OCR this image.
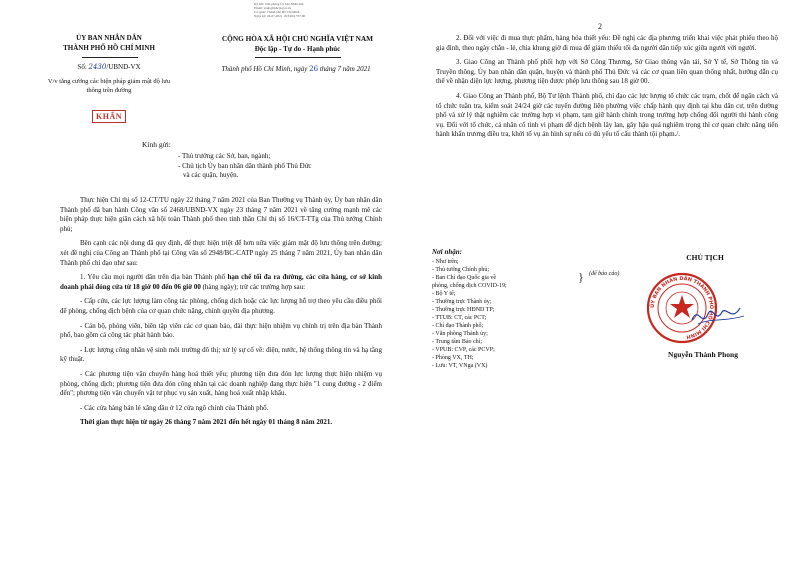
Ký bởi: Văn phòng Ủy ban Nhân dân
Email: vpub@tphcm.gov.vn
Cơ quan: Thành phố Hồ Chí Minh
Ngày ký: 26-07-2021 16:34:04 +07:00
ỦY BAN NHÂN DÂN
THÀNH PHỐ HỒ CHÍ MINH
Số: 2430/UBND-VX
V/v tăng cường các biện pháp giảm mật độ lưu thông trên đường
KHẨN
CỘNG HÒA XÃ HỘI CHỦ NGHĨA VIỆT NAM
Độc lập - Tự do - Hạnh phúc
Thành phố Hồ Chí Minh, ngày 26 tháng 7 năm 2021
Kính gửi:
- Thủ trưởng các Sở, ban, ngành;
- Chủ tịch Ủy ban nhân dân thành phố Thủ Đức
và các quận, huyện.

Thực hiện Chỉ thị số 12-CT/TU ngày 22 tháng 7 năm 2021 của Ban Thường vụ Thành ủy, Ủy ban nhân dân Thành phố đã ban hành Công văn số 2468/UBND-VX ngày 23 tháng 7 năm 2021 về tăng cường mạnh mẽ các biện pháp thực hiện giãn cách xã hội toàn Thành phố theo tinh thần Chỉ thị số 16/CT-TTg của Thủ tướng Chính phủ;

Bên cạnh các nội dung đã quy định, để thực hiện triệt để hơn nữa việc giảm mật độ lưu thông trên đường; xét đề nghị của Công an Thành phố tại Công văn số 2948/BC-CATP ngày 25 tháng 7 năm 2021, Ủy ban nhân dân Thành phố chỉ đạo như sau:

1. Yêu cầu mọi người dân trên địa bàn Thành phố hạn chế tối đa ra đường, các cửa hàng, cơ sở kinh doanh phải đóng cửa từ 18 giờ 00 đến 06 giờ 00 (hàng ngày); trừ các trường hợp sau:

- Cấp cứu, các lực lượng làm công tác phòng, chống dịch hoặc các lực lượng hỗ trợ theo yêu cầu điều phối để phòng, chống dịch bệnh của cơ quan chức năng, chính quyền địa phương.

- Cán bộ, phóng viên, biên tập viên các cơ quan báo, đài thực hiện nhiệm vụ chính trị trên địa bàn Thành phố, bao gồm cả công tác phát hành báo.

- Lực lượng công nhân vệ sinh môi trường đô thị; xử lý sự cố về: điện, nước, hệ thống thông tin và hạ tầng kỹ thuật.

- Các phương tiện vận chuyển hàng hoá thiết yếu; phương tiện đưa đón lực lượng thực hiện nhiệm vụ phòng, chống dịch; phương tiện đưa đón công nhân tại các doanh nghiệp đang thực hiện "1 cung đường - 2 điểm đến"; phương tiện vận chuyển vật tư phục vụ sản xuất, hàng hoá xuất nhập khẩu.

- Các cửa hàng bán lẻ xăng dầu ở 12 cửa ngõ chính của Thành phố.

Thời gian thực hiện từ ngày 26 tháng 7 năm 2021 đến hết ngày 01 tháng 8 năm 2021.

2

2. Đối với việc đi mua thực phẩm, hàng hóa thiết yếu: Đề nghị các địa phương triển khai việc phát phiếu theo hộ gia đình, theo ngày chẵn - lẻ, chia khung giờ đi mua để giảm thiểu tối đa người dân tiếp xúc giữa người với người.

3. Giao Công an Thành phố phối hợp với Sở Công Thương, Sở Giao thông vận tải, Sở Y tế, Sở Thông tin và Truyền thông, Ủy ban nhân dân quận, huyện và thành phố Thủ Đức và các cơ quan liên quan thống nhất, hướng dẫn cụ thể về nhận diện lực lượng, phương tiện được phép lưu thông sau 18 giờ 00.

4. Giao Công an Thành phố, Bộ Tư lệnh Thành phố, chỉ đạo các lực lượng tổ chức các trạm, chốt để ngăn cách và tổ chức tuần tra, kiểm soát 24/24 giờ các tuyến đường liên phường việc chấp hành quy định tại khu dân cư, trên đường phố và xử lý thật nghiêm các trường hợp vi phạm, tạm giữ hành chính trong trường hợp chống đối người thi hành công vụ. Đối với tổ chức, cá nhân cố tình vi phạm để dịch bệnh lây lan, gây hậu quả nghiêm trọng thì cơ quan chức năng tiến hành khẩn trương điều tra, khởi tố vụ án hình sự nếu có đủ yếu tố cấu thành tội phạm./.

Nơi nhận:
- Như trên;
- Thủ tướng Chính phủ;
- Ban Chỉ đạo Quốc gia về
phòng, chống dịch COVID-19;
- Bộ Y tế;
- Thường trực Thành ủy;
- Thường trực HĐND TP;
- TTUB: CT, các PCT;
- Chỉ đạo Thành phố;
- Văn phòng Thành ủy;
- Trung tâm Báo chí;
- VPUB: CVP, các PCVP;
- Phòng VX, TH;
- Lưu: VT, VNga (VX)
} (để báo cáo)
ỦY BAN NHÂN DÂN THÀNH PHỐ HỒ CHÍ MINH
CHỦ TỊCH
Nguyễn Thành Phong
